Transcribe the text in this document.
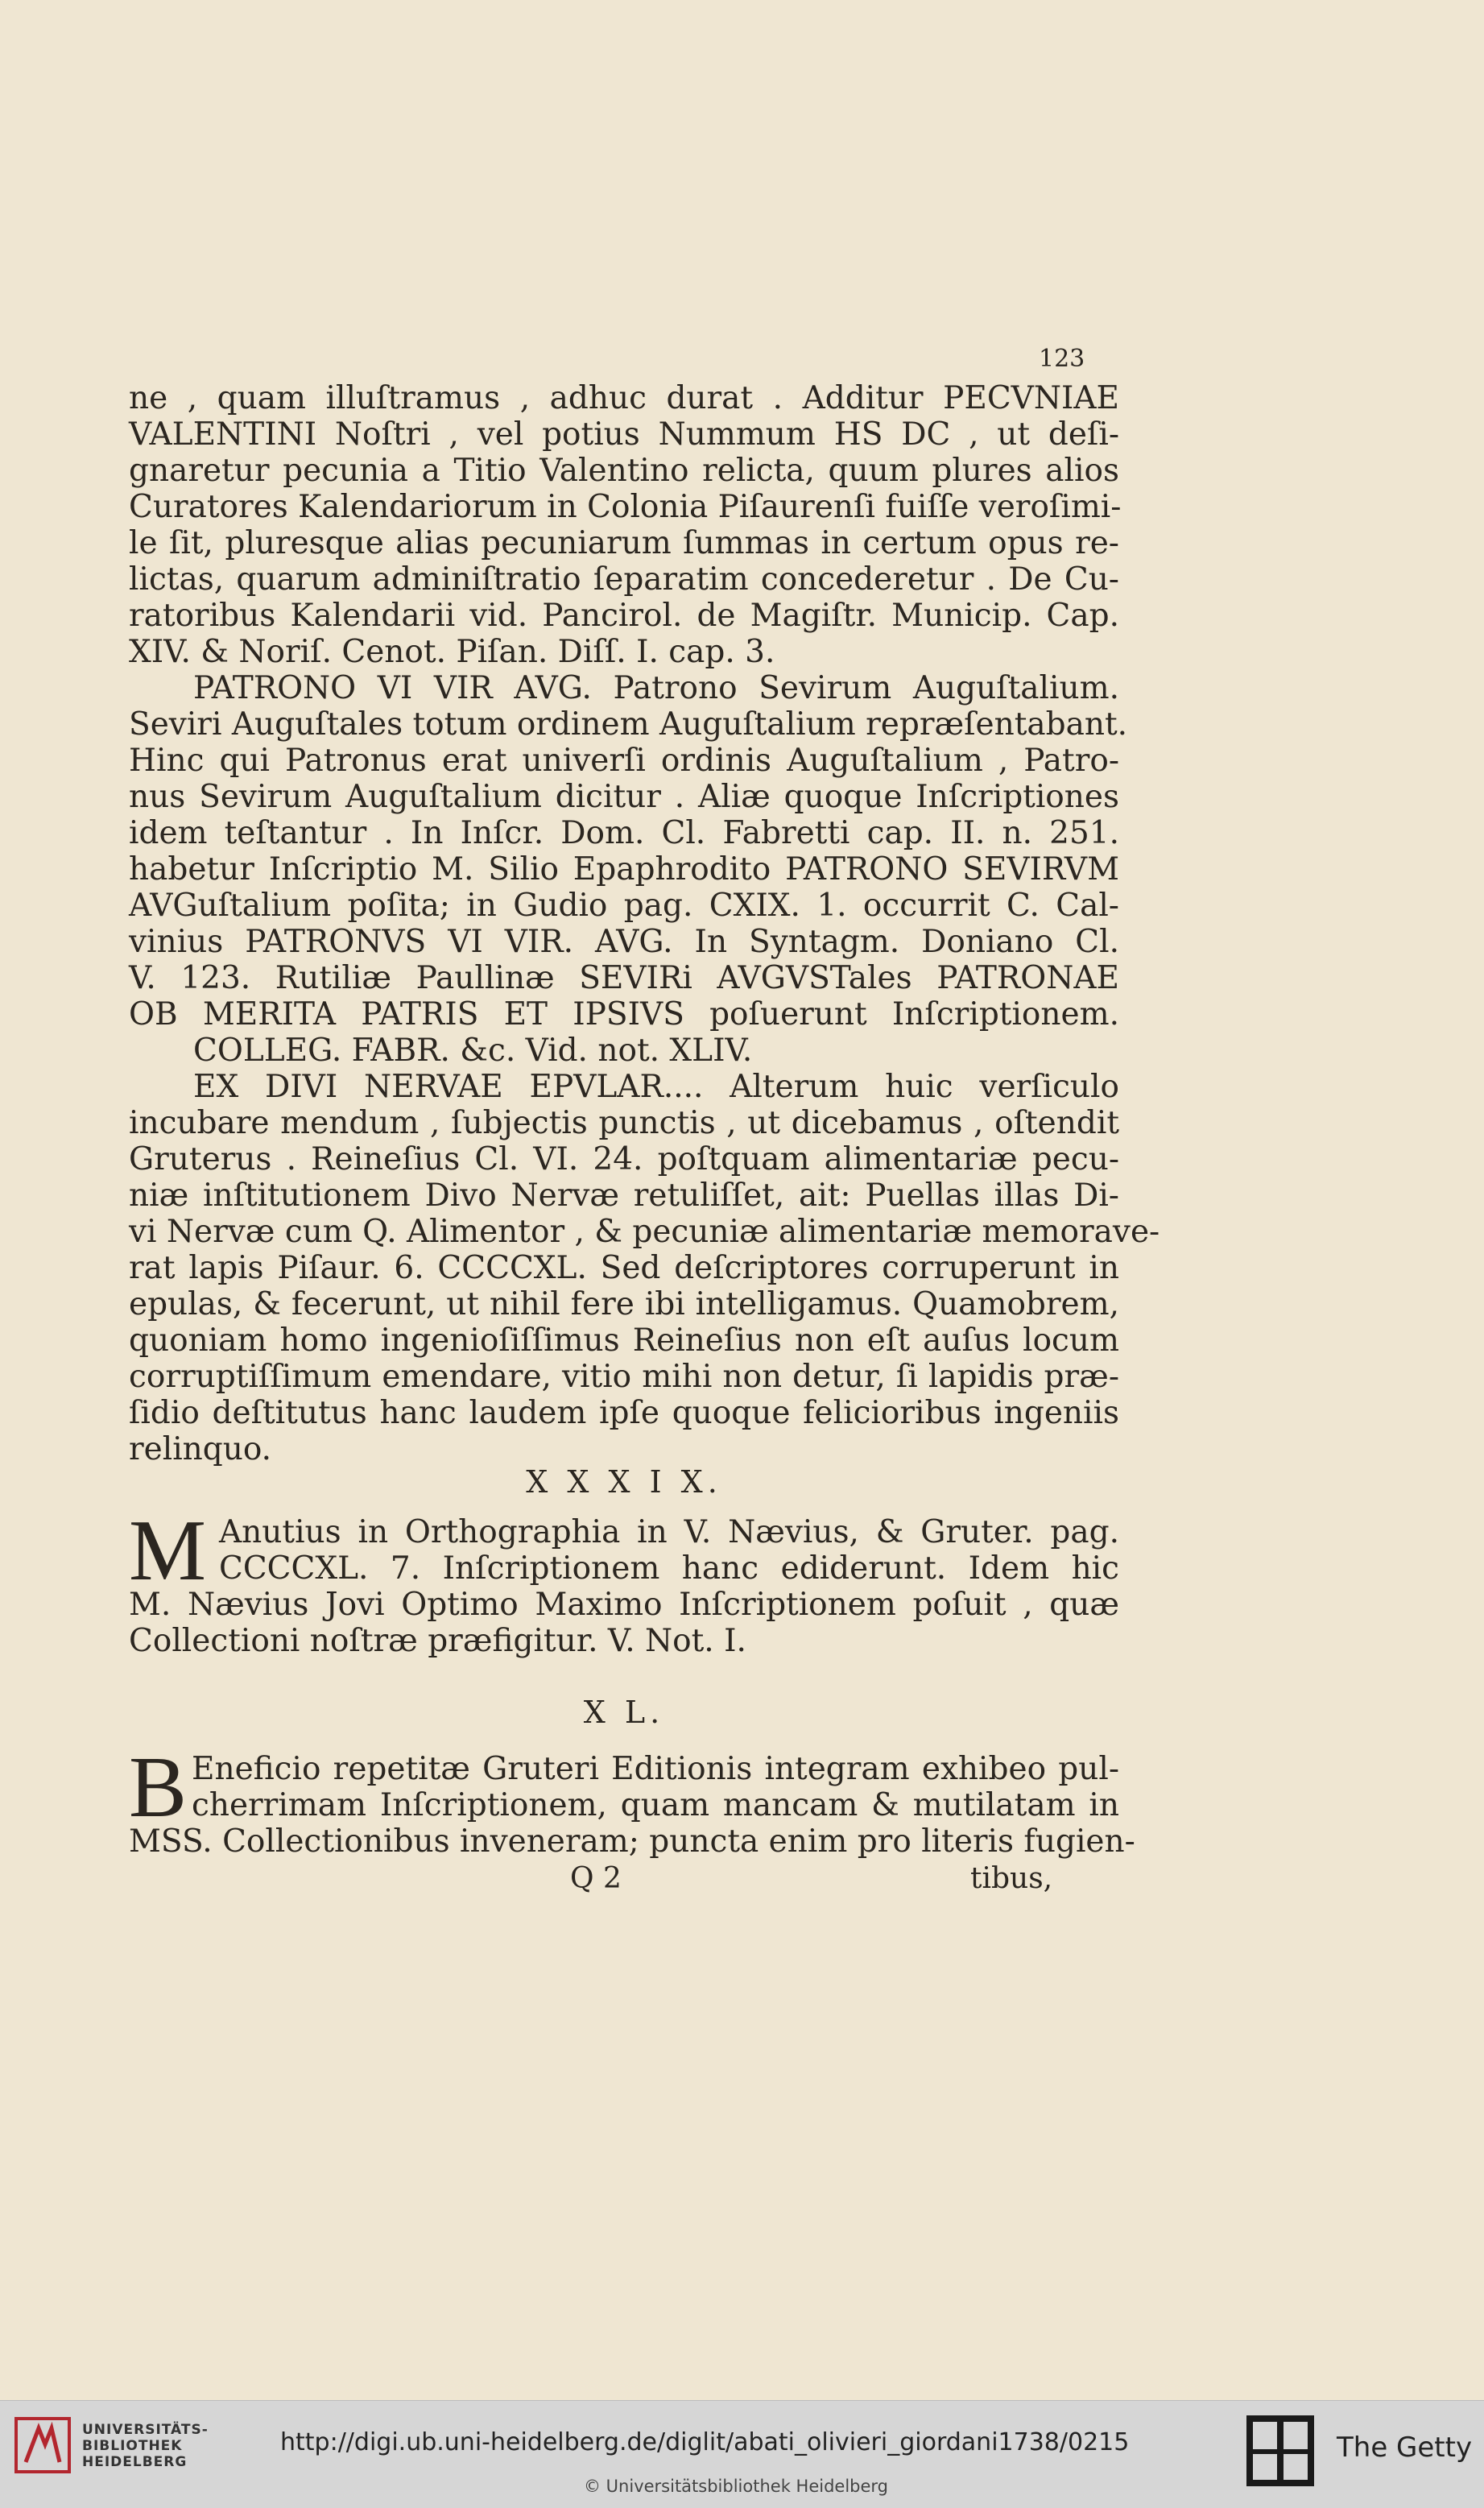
123
ne , quam illuſtramus , adhuc durat . Additur PECVNIAE
VALENTINI Noſtri , vel potius Nummum HS DC , ut deſi-
gnaretur pecunia a Titio Valentino relicta, quum plures alios
Curatores Kalendariorum in Colonia Piſaurenſi fuiſſe veroſimi-
le ſit, pluresque alias pecuniarum ſummas in certum opus re-
lictas, quarum adminiſtratio ſeparatim concederetur . De Cu-
ratoribus Kalendarii vid. Pancirol. de Magiſtr. Municip. Cap.
XIV. & Noriſ. Cenot. Piſan. Diſſ. I. cap. 3.
PATRONO VI VIR AVG. Patrono Sevirum Auguſtalium.
Seviri Auguſtales totum ordinem Auguſtalium repræſentabant.
Hinc qui Patronus erat univerſi ordinis Auguſtalium , Patro-
nus Sevirum Auguſtalium dicitur . Aliæ quoque Inſcriptiones
idem teſtantur . In Inſcr. Dom. Cl. Fabretti cap. II. n. 251.
habetur Inſcriptio M. Silio Epaphrodito PATRONO SEVIRVM
AVGuſtalium poſita; in Gudio pag. CXIX. 1. occurrit C. Cal-
vinius PATRONVS VI VIR. AVG. In Syntagm. Doniano Cl.
V. 123. Rutiliæ Paullinæ SEVIRi AVGVSTales PATRONAE
OB MERITA PATRIS ET IPSIVS poſuerunt Inſcriptionem.
COLLEG. FABR. &c. Vid. not. XLIV.
EX DIVI NERVAE EPVLAR.... Alterum huic verſiculo
incubare mendum , ſubjectis punctis , ut dicebamus , oſtendit
Gruterus . Reineſius Cl. VI. 24. poſtquam alimentariæ pecu-
niæ inſtitutionem Divo Nervæ retuliſſet, ait: Puellas illas Di-
vi Nervæ cum Q. Alimentor , & pecuniæ alimentariæ memorave-
rat lapis Piſaur. 6. CCCCXL. Sed deſcriptores corruperunt in
epulas, & fecerunt, ut nihil fere ibi intelligamus. Quamobrem,
quoniam homo ingenioſiſſimus Reineſius non eſt auſus locum
corruptiſſimum emendare, vitio mihi non detur, ſi lapidis præ-
ſidio deſtitutus hanc laudem ipſe quoque felicioribus ingeniis
relinquo.
X X X I X.
M Anutius in Orthographia in V. Nævius, & Gruter. pag.
CCCCXL. 7. Inſcriptionem hanc ediderunt. Idem hic
M. Nævius Jovi Optimo Maximo Inſcriptionem poſuit , quæ
Collectioni noſtræ præfigitur. V. Not. I.
X L.
B Eneficio repetitæ Gruteri Editionis integram exhibeo pul-
cherrimam Inſcriptionem, quam mancam & mutilatam in
MSS. Collectionibus inveneram; puncta enim pro literis fugien-
Q 2	tibus,
UNIVERSITÄTS-
BIBLIOTHEK
HEIDELBERG
http://digi.ub.uni-heidelberg.de/diglit/abati_olivieri_giordani1738/0215
© Universitätsbibliothek Heidelberg
The Getty
